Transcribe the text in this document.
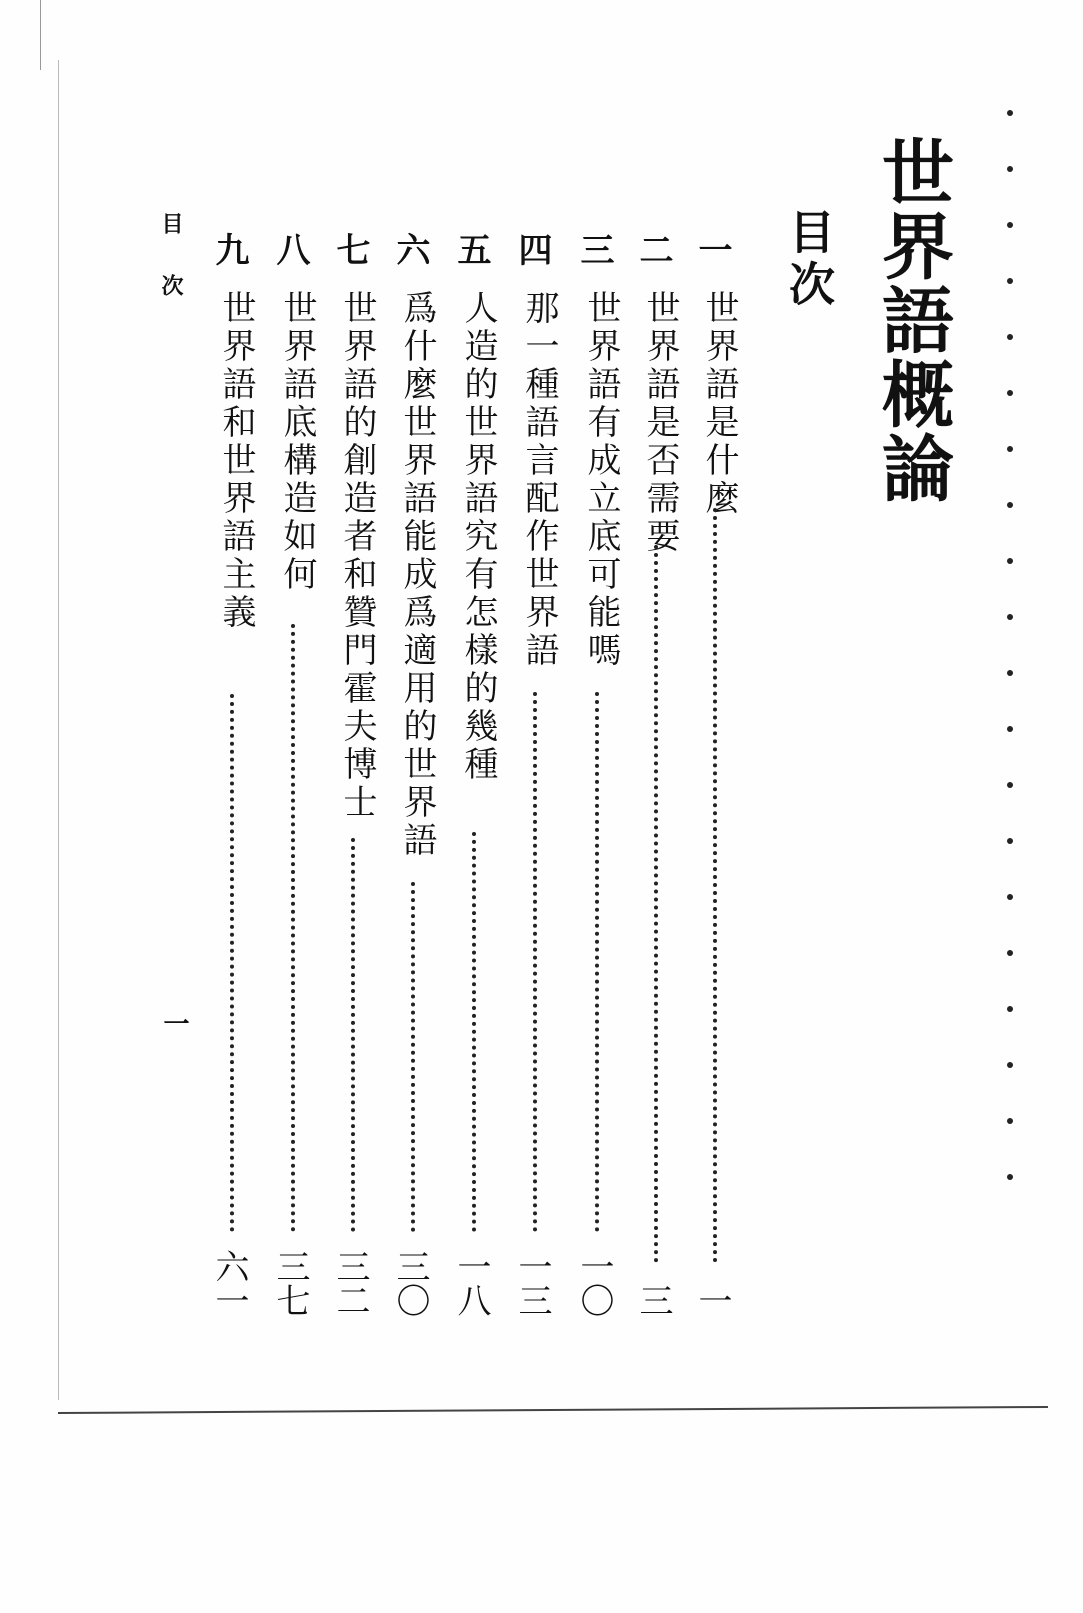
世界語概論
目次
一
世界語是什麼
一
二
世界語是否需要
三
三
世界語有成立底可能嗎
一〇
四
那一種語言配作世界語
一三
五
人造的世界語究有怎樣的幾種
一八
六
爲什麼世界語能成爲適用的世界語
三〇
七
世界語的創造者和贊門霍夫博士
三二
八
世界語底構造如何
三七
九
世界語和世界語主義
六一
目次
一
